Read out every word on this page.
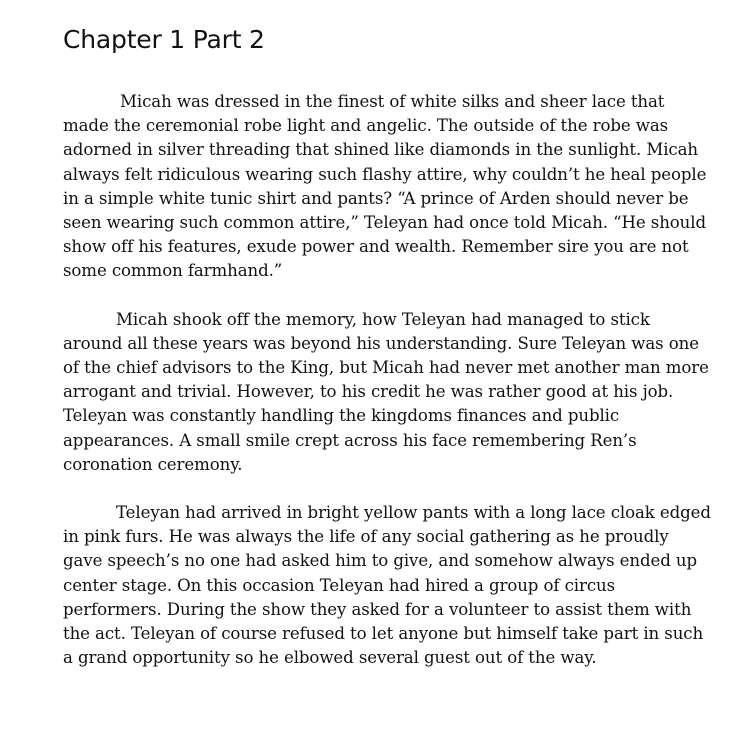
Chapter 1 Part 2

Micah was dressed in the finest of white silks and sheer lace that made the ceremonial robe light and angelic. The outside of the robe was adorned in silver threading that shined like diamonds in the sunlight. Micah always felt ridiculous wearing such flashy attire, why couldn’t he heal people in a simple white tunic shirt and pants? “A prince of Arden should never be seen wearing such common attire,” Teleyan had once told Micah. “He should show off his features, exude power and wealth. Remember sire you are not some common farmhand.”

Micah shook off the memory, how Teleyan had managed to stick around all these years was beyond his understanding. Sure Teleyan was one of the chief advisors to the King, but Micah had never met another man more arrogant and trivial. However, to his credit he was rather good at his job. Teleyan was constantly handling the kingdoms finances and public appearances. A small smile crept across his face remembering Ren’s coronation ceremony.

Teleyan had arrived in bright yellow pants with a long lace cloak edged in pink furs. He was always the life of any social gathering as he proudly gave speech’s no one had asked him to give, and somehow always ended up center stage. On this occasion Teleyan had hired a group of circus performers. During the show they asked for a volunteer to assist them with the act. Teleyan of course refused to let anyone but himself take part in such a grand opportunity so he elbowed several guest out of the way.
